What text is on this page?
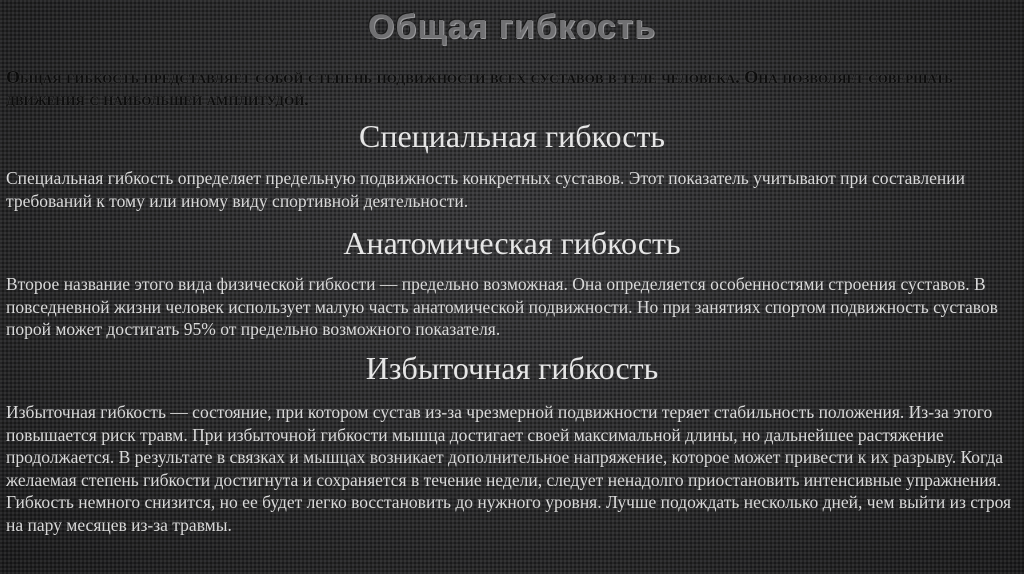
Общая гибкость

Общая гибкость представляет собой степень подвижности всех суставов в теле человека. Она позволяет совершать движения с наибольшей амплитудой.

Специальная гибкость

Специальная гибкость определяет предельную подвижность конкретных суставов. Этот показатель учитывают при составлении требований к тому или иному виду спортивной деятельности.

Анатомическая гибкость

Второе название этого вида физической гибкости — предельно возможная. Она определяется особенностями строения суставов. В повседневной жизни человек использует малую часть анатомической подвижности. Но при занятиях спортом подвижность суставов порой может достигать 95% от предельно возможного показателя.

Избыточная гибкость

Избыточная гибкость — состояние, при котором сустав из-за чрезмерной подвижности теряет стабильность положения. Из-за этого повышается риск травм. При избыточной гибкости мышца достигает своей максимальной длины, но дальнейшее растяжение продолжается. В результате в связках и мышцах возникает дополнительное напряжение, которое может привести к их разрыву. Когда желаемая степень гибкости достигнута и сохраняется в течение недели, следует ненадолго приостановить интенсивные упражнения. Гибкость немного снизится, но ее будет легко восстановить до нужного уровня. Лучше подождать несколько дней, чем выйти из строя на пару месяцев из-за травмы.
